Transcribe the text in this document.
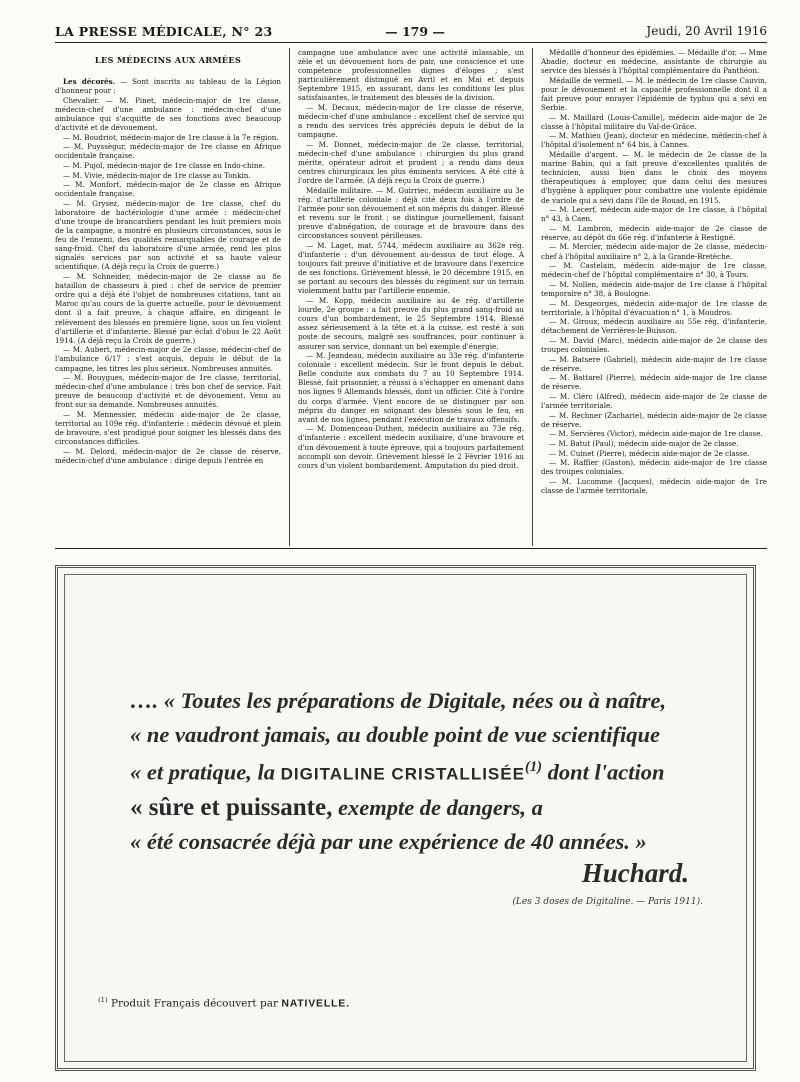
LA PRESSE MÉDICALE, N° 23	— 179 —	Jeudi, 20 Avril 1916

LES MÉDECINS AUX ARMÉES

Les décorés. — Sont inscrits au tableau de la Légion d'honneur pour :

Chevalier. — M. Pinet, médecin-major de 1re classe, médecin-chef d'une ambulance : médecin-chef d'une ambulance qui s'acquitte de ses fonctions avec beaucoup d'activité et de dévouement.

— M. Boudriot, médecin-major de 1re classe à la 7e région.

— M. Puyssègur, médecin-major de 1re classe en Afrique occidentale française.

— M. Pujol, médecin-major de 1re classe en Indo-chine.

— M. Vivie, médecin-major de 1re classe au Tonkin.

— M. Monfort, médecin-major de 2e classe en Afrique occidentale française.

— M. Grysez, médecin-major de 1re classe, chef du laboratoire de bactériologie d'une armée : médecin-chef d'une troupe de brancardiers pendant les huit premiers mois de la campagne, a montré en plusieurs circonstances, sous le feu de l'ennemi, des qualités remarquables de courage et de sang-froid. Chef du laboratoire d'une armée, rend les plus signalés services par son activité et sa haute valeur scientifique. (A déjà reçu la Croix de guerre.)

— M. Schneider, médecin-major de 2e classe au 8e bataillon de chasseurs à pied : chef de service de premier ordre qui a déjà été l'objet de nombreuses citations, tant au Maroc qu'au cours de la guerre actuelle, pour le dévouement dont il a fait preuve, à chaque affaire, en dirigeant le relèvement des blessés en première ligne, sous un feu violent d'artillerie et d'infanterie. Blessé par éclat d'obus le 22 Août 1914. (A déjà reçu la Croix de guerre.)

— M. Aubert, médecin-major de 2e classe, médecin-chef de l'ambulance 6/17 : s'est acquis, depuis le début de la campagne, les titres les plus sérieux. Nombreuses annuités.

— M. Bouygues, médecin-major de 1re classe, territorial, médecin-chef d'une ambulance : très bon chef de service. Fait preuve de beaucoup d'activité et de dévouement. Venu au front sur sa demande. Nombreuses annuités.

— M. Mennessier, médecin aide-major de 2e classe, territorial au 109e rég. d'infanterie : médecin dévoué et plein de bravoure, s'est prodigué pour soigner les blessés dans des circonstances difficiles.

— M. Delord, médecin-major de 2e classe de réserve, médecin-chef d'une ambulance : dirige depuis l'entrée en

campagne une ambulance avec une activité inlassable, un zèle et un dévouement hors de pair, une conscience et une compétence professionnelles dignes d'éloges ; s'est particulièrement distingué en Avril et en Mai et depuis Septembre 1915, en assurant, dans les conditions les plus satisfaisantes, le traitement des blessés de la division.

— M. Decaux, médecin-major de 1re classe de réserve, médecin-chef d'une ambulance : excellent chef de service qui a rendu des services très appréciés depuis le début de la campagne.

— M. Donnet, médecin-major de 2e classe, territorial, médecin-chef d'une ambulance : chirurgien du plus grand mérite, opérateur adroit et prudent ; a rendu dans deux centres chirurgicaux les plus éminents services. A été cité à l'ordre de l'armée. (A déjà reçu la Croix de guerre.)

Médaille militaire. — M. Guirriec, médecin auxiliaire au 3e rég. d'artillerie coloniale : déjà cité deux fois à l'ordre de l'armée pour son dévouement et son mépris du danger. Blessé et revenu sur le front ; se distingue journellement, faisant preuve d'abnégation, de courage et de bravoure dans des circonstances souvent périlleuses.

— M. Laget, mat. 5744, médecin auxiliaire au 362e rég. d'infanterie : d'un dévouement au-dessus de tout éloge. A toujours fait preuve d'initiative et de bravoure dans l'exercice de ses fonctions. Grièvement blessé, le 20 décembre 1915, en se portant au secours des blessés du régiment sur un terrain violemment battu par l'artillerie ennemie.

— M. Kopp, médecin auxiliaire au 4e rég. d'artillerie lourde, 2e groupe : a fait preuve du plus grand sang-froid au cours d'un bombardement, le 25 Septembre 1914. Blessé assez sérieusement à la tête et à la cuisse, est resté à son poste de secours, malgré ses souffrances, pour continuer à assurer son service, donnant un bel exemple d'énergie.

— M. Jeandeau, médecin auxiliaire au 33e rég. d'infanterie coloniale : excellent médecin. Sur le front depuis le début. Belle conduite aux combats du 7 au 10 Septembre 1914. Blessé, fait prisonnier, a réussi à s'échapper en amenant dans nos lignes 9 Allemands blessés, dont un officier. Cité à l'ordre du corps d'armée. Vient encore de se distinguer par son mépris du danger en soignant des blessés sous le feu, en avant de nos lignes, pendant l'exécution de travaux offensifs.

— M. Domenceau-Duthen, médecin auxiliaire au 73e rég. d'infanterie : excellent médecin auxiliaire, d'une bravoure et d'un dévouement à toute épreuve, qui a toujours parfaitement accompli son devoir. Grièvement blessé le 2 Février 1916 au cours d'un violent bombardement. Amputation du pied droit.

Médaille d'honneur des épidémies. — Médaille d'or. — Mme Abadie, docteur en médecine, assistante de chirurgie au service des blessés à l'hôpital complémentaire du Panthéon.

Médaille de vermeil. — M. le médecin de 1re classe Cauvin, pour le dévouement et la capacité professionnelle dont il a fait preuve pour enrayer l'épidémie de typhus qui a sévi en Serbie.

— M. Maillard (Louis-Camille), médecin aide-major de 2e classe à l'hôpital militaire du Val-de-Grâce.

— M. Mathieu (Jean), docteur en médecine, médecin-chef à l'hôpital d'isolement n° 64 bis, à Cannes.

Médaille d'argent. — M. le médecin de 2e classe de la marine Babin, qui a fait preuve d'excellentes qualités de technicien, aussi bien dans le choix des moyens thérapeutiques à employer, que dans celui des mesures d'hygiène à appliquer pour combattre une violente épidémie de variole qui a sévi dans l'île de Rouad, en 1915.

— M. Lecerf, médecin aide-major de 1re classe, à l'hôpital n° 43, à Caen.

— M. Lambron, médecin aide-major de 2e classe de réserve, au dépôt du 66e rég. d'infanterie à Restigné.

— M. Mercier, médecin aide-major de 2e classe, médecin-chef à l'hôpital auxiliaire n° 2, à la Grande-Bretèche.

— M. Castelain, médecin aide-major de 1re classe, médecin-chef de l'hôpital complémentaire n° 30, à Tours.

— M. Nollen, médecin aide-major de 1re classe à l'hôpital temporaire n° 38, à Boulogne.

— M. Desgeorges, médecin aide-major de 1re classe de territoriale, à l'hôpital d'évacuation n° 1, à Moudros.

— M. Giroux, médecin auxiliaire au 55e rég. d'infanterie, détachement de Verrières-le-Buisson.

— M. David (Marc), médecin aide-major de 2e classe des troupes coloniales.

— M. Batsere (Gabriel), médecin aide-major de 1re classe de réserve.

— M. Battarel (Pierre), médecin aide-major de 1re classe de réserve.

— M. Clerc (Alfred), médecin aide-major de 2e classe de l'armée territoriale.

— M. Rechner (Zacharie), médecin aide-major de 2e classe de réserve.

— M. Servières (Victor), médecin aide-major de 1re classe.

— M. Batut (Paul), médecin aide-major de 2e classe.

— M. Cuinet (Pierre), médecin aide-major de 2e classe.

— M. Raffier (Gaston), médecin aide-major de 1re classe des troupes coloniales.

— M. Lucomme (Jacques), médecin aide-major de 1re classe de l'armée territoriale.

…. « Toutes les préparations de Digitale, nées ou à naître,
« ne vaudront jamais, au double point de vue scientifique
« et pratique, la DIGITALINE CRISTALLISÉE$^{(1)}$ dont l'action
« sûre et puissante, exempte de dangers, a
« été consacrée déjà par une expérience de 40 années. »
Huchard.
(Les 3 doses de Digitaline. — Paris 1911).
$^{(1)}$ Produit Français découvert par NATIVELLE.
